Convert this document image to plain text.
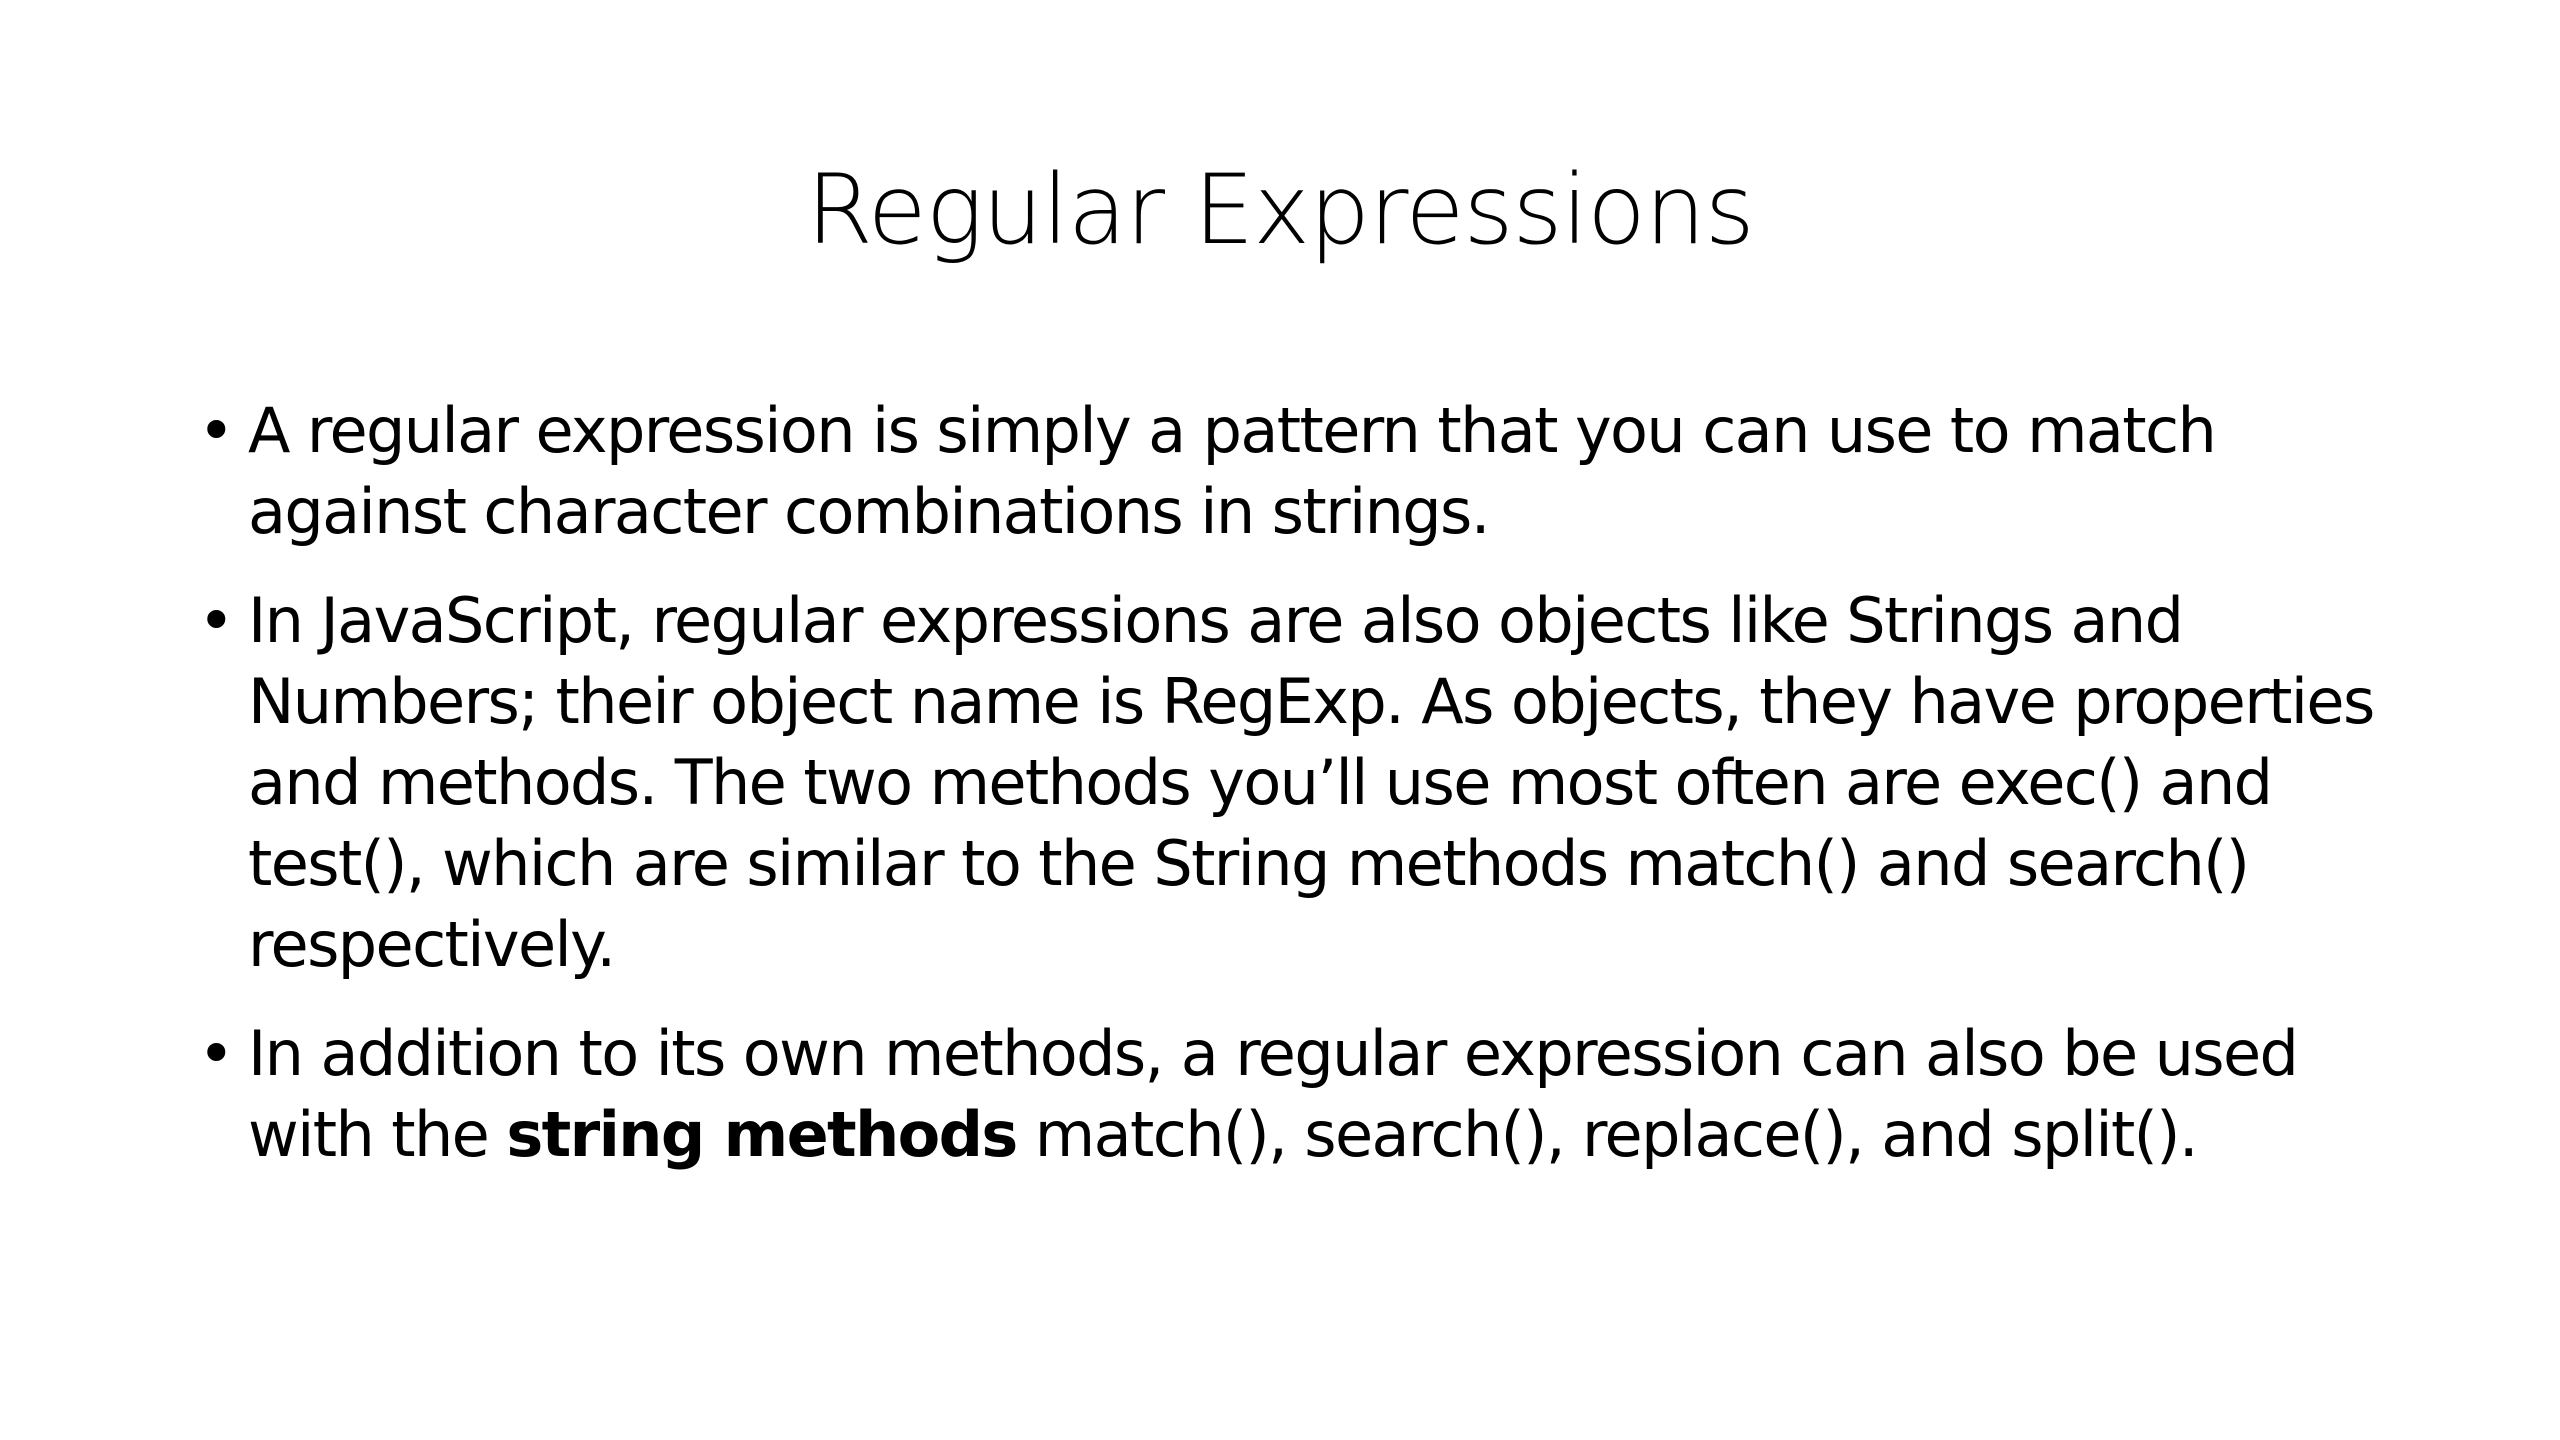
Regular Expressions
• A regular expression is simply a pattern that you can use to match against character combinations in strings.
• In JavaScript, regular expressions are also objects like Strings and Numbers; their object name is RegExp. As objects, they have properties and methods. The two methods you’ll use most often are exec() and test(), which are similar to the String methods match() and search() respectively.
• In addition to its own methods, a regular expression can also be used with the string methods match(), search(), replace(), and split().
